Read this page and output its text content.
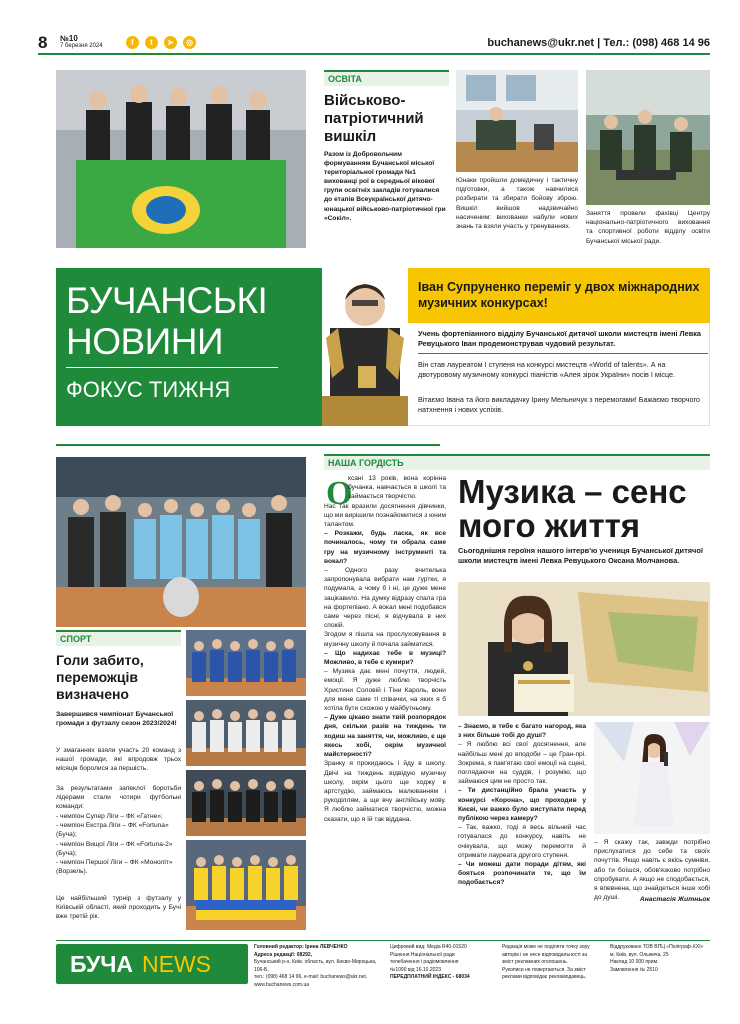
8 №10
7 березня 2024	f	t	➤	◎	buchanews@ukr.net | Тел.: (098) 468 14 96
ОСВІТА
Військово-патріотичний вишкіл
Разом із Добровольчим формуванням Бучанської міської територіальної громади №1 вихованці рої в середньої вікової групи освітніх закладів готувалися до етапів Всеукраїнської дитячо-юнацької військово-патріотичної гри «Сокіл».
Юнаки пройшли домедичну і тактичну підготовки, а також навчилися розбирати та збирати бойову зброю. Вишкіл вийшов надзвичайно насиченим: вихованки набули нових знань та взяли участь у тренуваннях.
Заняття провели фахівці Центру національно-патріотичного виховання та спортивної роботи відділу освіти Бучанської міської ради.
БУЧАНСЬКІ
НОВИНИ
ФОКУС ТИЖНЯ
Іван Супруненко переміг у двох міжнародних музичних конкурсах!
Учень фортепіанного відділу Бучанської дитячої школи мистецтв імені Левка Ревуцького Іван продемонстрував чудовий результат.
Він став лауреатом І ступеня на конкурсі мистецтв «World of talents». А на двотуровому музичному конкурсі піаністів «Алея зірок України» посів І місце.
Вітаємо Івана та його викладачку Ірину Мельничук з перемогами! Бажаємо творчого натхнення і нових успіхів.
СПОРТ
Голи забито, переможців визначено
Завершився чемпіонат Бучанської громади з футзалу сезон 2023/2024!
У змаганнях взяли участь 20 команд з нашої громади, які впродовж трьох місяців боролися за першість.
За результатами запеклої боротьби лідерами стали чотири футбольні команди:
- чемпіон Супер Ліги – ФК «Гатне»;
- чемпіон Екстра Ліги – ФК «Fortuna» (Буча);
- чемпіон Вищої Ліги – ФК «Fortuna-2» (Буча);
- чемпіон Першої Ліги – ФК «Моноліт» (Ворзель).
Це найбільший турнір з футзалу у Київській області, який проходить у Бучі вже третій рік.
НАША ГОРДІСТЬ
О

ксані 13 років, вона корінна бучанка, навчається в школі та займається творчістю.

Нас так вразили досягнення дівчинки, що ми вирішили познайомитися з юним талантом.

– Розкажи, будь ласка, як все починалось, чому ти обрала саме гру на музичному інструменті та вокал?

– Одного разу вчителька запропонувала вибрати нам гуртки, я подумала, а чому б і ні, це дуже мене зацікавило. На думку відразу спала гра на фортепіано. А вокал мені подобався саме через пісні, я відчувала в них спокій.

Згодом я пішла на прослуховування в музичну школу й почала займатися.

– Що надихає тебе в музиці? Можливо, в тебе є кумири?

– Музика дає мені почуття, людей, емоції. Я дуже люблю творчість Христини Соловій і Тіни Кароль, вони для мене саме ті співачки, на яких я б хотіла бути схожою у майбутньому.

– Дуже цікаво знати твій розпорядок дня, скільки разів на тиждень ти ходиш на заняття, чи, можливо, є ще якесь хобі, окрім музичної майстерності?

Зранку я прокидаюсь і йду в школу. Двічі на тиждень відвідую музичну школу, окрім цього ще ходжу в артстудію, займаюсь малюванням і рукоділлям, а ще вчу англійську мову. Я люблю займатися творчістю, можна сказати, що я їй так віддана.

Музика – сенс
мого життя
Сьогоднішня героїня нашого інтерв'ю учениця Бучанської дитячої школи мистецтв імені Левка Ревуцького Оксана Молчанова.

– Знаємо, в тебе є багато нагород, яка з них більше тобі до душі?

– Я люблю всі свої досягнення, але найбільш мені до вподоби – це Гран-прі. Зокрема, я пам'ятаю свої емоції на сцені, поглядаючи на суддів, і розумію, що займаюся цим не просто так.

– Ти дистанційно брала участь у конкурсі «Корона», що проходив у Києві, чи важко було виступати перед публікою через камеру?

– Так, важко, тоді я весь вільний час готувалася до конкурсу, навіть не очікувала, що можу перемогти й отримати лауреата другого ступеня.

– Чи можеш дати поради дітям, які бояться розпочинати те, що їм подобається?

– Я скажу так, завжди потрібно прислухатися до себе та своїх почуттів. Якщо навіть є якісь сумніви, або ти боїшся, обов'язково потрібно спробувати. А якщо не сподобається, я впевнена, що знайдеться інше хобі до душі.	Анастасія Житньок
БУЧА NEWS
Головний редактор: Ірина ЛЕВЧЕНКО
Адреса редакції: 08292,
Бучанський р-н, Київ. область, вул. Києво-Мироцька, 106-Б,
тел.: (098) 468 14 96, e-mail: buchanews@ukr.net,
www.buchanews.com.ua
Цифровий вид: Медіа R40-01520
Рішення Національної ради
телебачення і радіомовлення
№1090 від 16.10.2023
ПЕРЕДПЛАТНИЙ ІНДЕКС - 68034
Редакція може не поділяти точку зору
авторів і не несе відповідальності за
зміст рекламних оголошень.
Рукописи не повертаються. За зміст
реклами відповідає рекламодавець.
Віддруковано ТОВ ВПЦ «Поліграф-ХХІ»
м. Київ, вул. Ольжича, 25
Наклад 10 000 прим.
Замовлення № 2510
